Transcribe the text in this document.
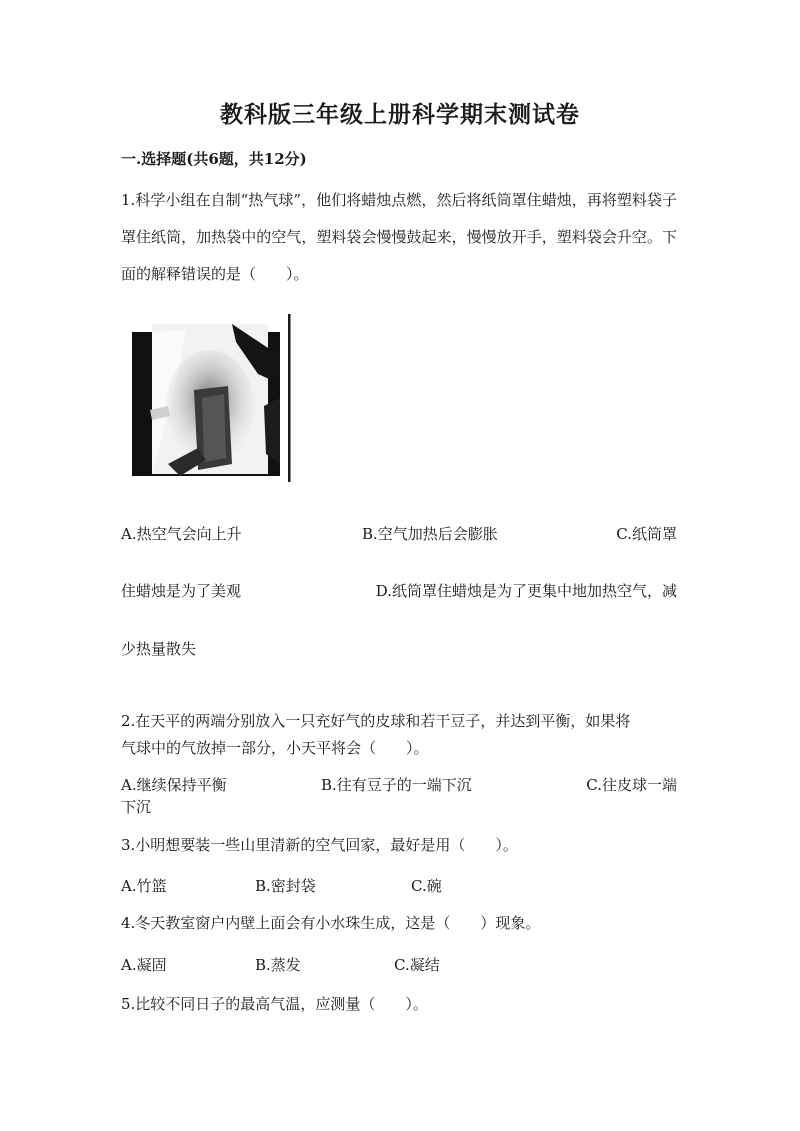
教科版三年级上册科学期末测试卷
一.选择题(共6题，共12分)
1.科学小组在自制“热气球”，他们将蜡烛点燃，然后将纸筒罩住蜡烛，再将塑料袋子罩住纸筒，加热袋中的空气，塑料袋会慢慢鼓起来，慢慢放开手，塑料袋会升空。下面的解释错误的是（　　）。
A.热空气会向上升	B.空气加热后会膨胀	C.纸筒罩
住蜡烛是为了美观	D.纸筒罩住蜡烛是为了更集中地加热空气，减
少热量散失
2.在天平的两端分别放入一只充好气的皮球和若干豆子，并达到平衡，如果将
气球中的气放掉一部分，小天平将会（　　）。
A.继续保持平衡	B.往有豆子的一端下沉	C.往皮球一端
下沉
3.小明想要装一些山里清新的空气回家，最好是用（　　）。
A.竹篮	B.密封袋	C.碗
4.冬天教室窗户内壁上面会有小水珠生成，这是（　　）现象。
A.凝固	B.蒸发	C.凝结
5.比较不同日子的最高气温，应测量（　　）。
